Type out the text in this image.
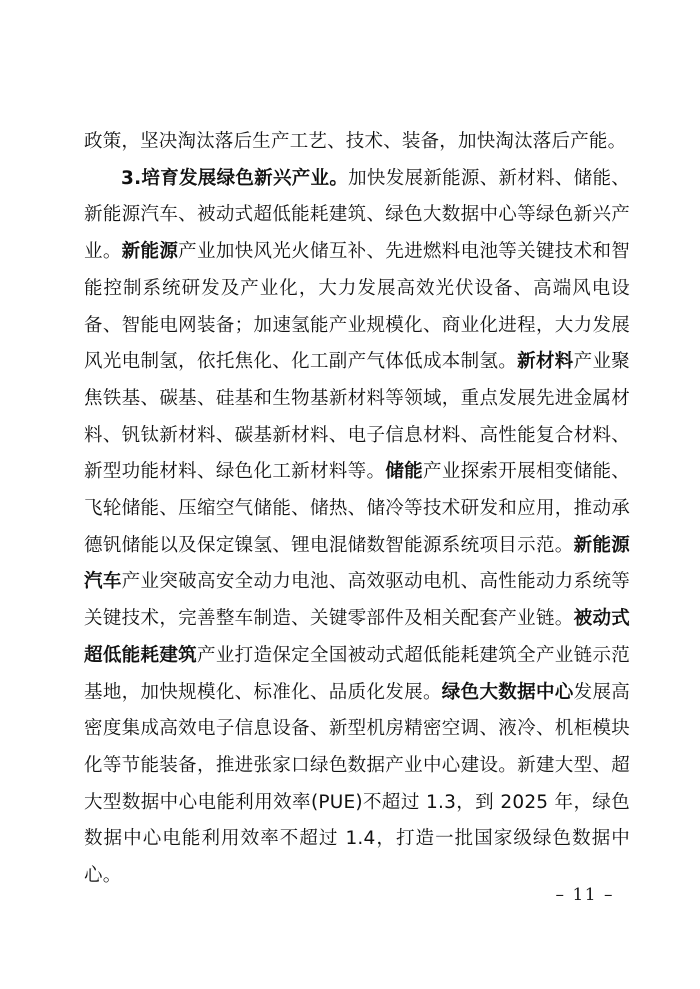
政策，坚决淘汰落后生产工艺、技术、装备，加快淘汰落后产能。

3.培育发展绿色新兴产业。加快发展新能源、新材料、储能、新能源汽车、被动式超低能耗建筑、绿色大数据中心等绿色新兴产业。新能源产业加快风光火储互补、先进燃料电池等关键技术和智能控制系统研发及产业化，大力发展高效光伏设备、高端风电设备、智能电网装备；加速氢能产业规模化、商业化进程，大力发展风光电制氢，依托焦化、化工副产气体低成本制氢。新材料产业聚焦铁基、碳基、硅基和生物基新材料等领域，重点发展先进金属材料、钒钛新材料、碳基新材料、电子信息材料、高性能复合材料、新型功能材料、绿色化工新材料等。储能产业探索开展相变储能、飞轮储能、压缩空气储能、储热、储冷等技术研发和应用，推动承德钒储能以及保定镍氢、锂电混储数智能源系统项目示范。新能源汽车产业突破高安全动力电池、高效驱动电机、高性能动力系统等关键技术，完善整车制造、关键零部件及相关配套产业链。被动式超低能耗建筑产业打造保定全国被动式超低能耗建筑全产业链示范基地，加快规模化、标准化、品质化发展。绿色大数据中心发展高密度集成高效电子信息设备、新型机房精密空调、液冷、机柜模块化等节能装备，推进张家口绿色数据产业中心建设。新建大型、超大型数据中心电能利用效率(PUE)不超过 1.3，到 2025 年，绿色数据中心电能利用效率不超过 1.4，打造一批国家级绿色数据中心。

– 11 –
